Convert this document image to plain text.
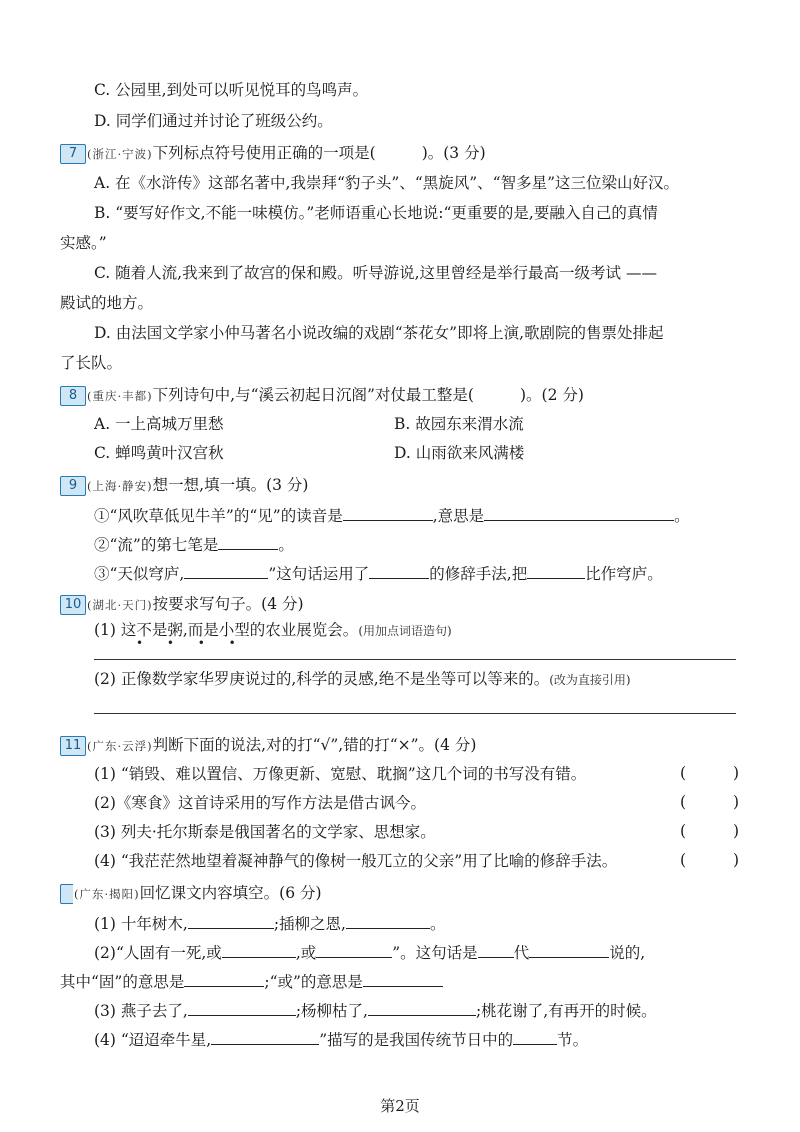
C. 公园里,到处可以听见悦耳的鸟鸣声。
D. 同学们通过并讨论了班级公约。
7 (浙江·宁波)下列标点符号使用正确的一项是(	)。(3 分)
A. 在《水浒传》这部名著中,我崇拜“豹子头”、“黑旋风”、“智多星”这三位梁山好汉。
B. “要写好作文,不能一味模仿。”老师语重心长地说:“更重要的是,要融入自己的真情
实感。”
C. 随着人流,我来到了故宫的保和殿。听导游说,这里曾经是举行最高一级考试 ——
殿试的地方。
D. 由法国文学家小仲马著名小说改编的戏剧“茶花女”即将上演,歌剧院的售票处排起
了长队。
8 (重庆·丰都)下列诗句中,与“溪云初起日沉阁”对仗最工整是(	)。(2 分)
A. 一上高城万里愁	B. 故园东来渭水流
C. 蝉鸣黄叶汉宫秋	D. 山雨欲来风满楼
9 (上海·静安)想一想,填一填。(3 分)
①“风吹草低见牛羊”的“见”的读音是	,意思是	。
②“流”的第七笔是	。
③“天似穹庐,	”这句话运用了	的修辞手法,把	比作穹庐。
10 (湖北·天门)按要求写句子。(4 分)
(1) 这不是粥,而是小型的农业展览会。(用加点词语造句)
• • • •
(2) 正像数学家华罗庚说过的,科学的灵感,绝不是坐等可以等来的。(改为直接引用)
11 (广东·云浮)判断下面的说法,对的打“√”,错的打“×”。(4 分)
(1) “销毁、难以置信、万像更新、宽慰、耽搁”这几个词的书写没有错。	(	)
(2)《寒食》这首诗采用的写作方法是借古讽今。	(	)
(3) 列夫·托尔斯泰是俄国著名的文学家、思想家。	(	)
(4) “我茫茫然地望着凝神静气的像树一般兀立的父亲”用了比喻的修辞手法。	(	)
(广东·揭阳)回忆课文内容填空。(6 分)
(1) 十年树木,	;插柳之恩,	。
(2)“人固有一死,或	,或	”。这句话是 代	说的,
其中“固”的意思是	;“或”的意思是
(3) 燕子去了,	;杨柳枯了,	;桃花谢了,有再开的时候。
(4) “迢迢牵牛星,	”描写的是我国传统节日中的	节。
第2页
